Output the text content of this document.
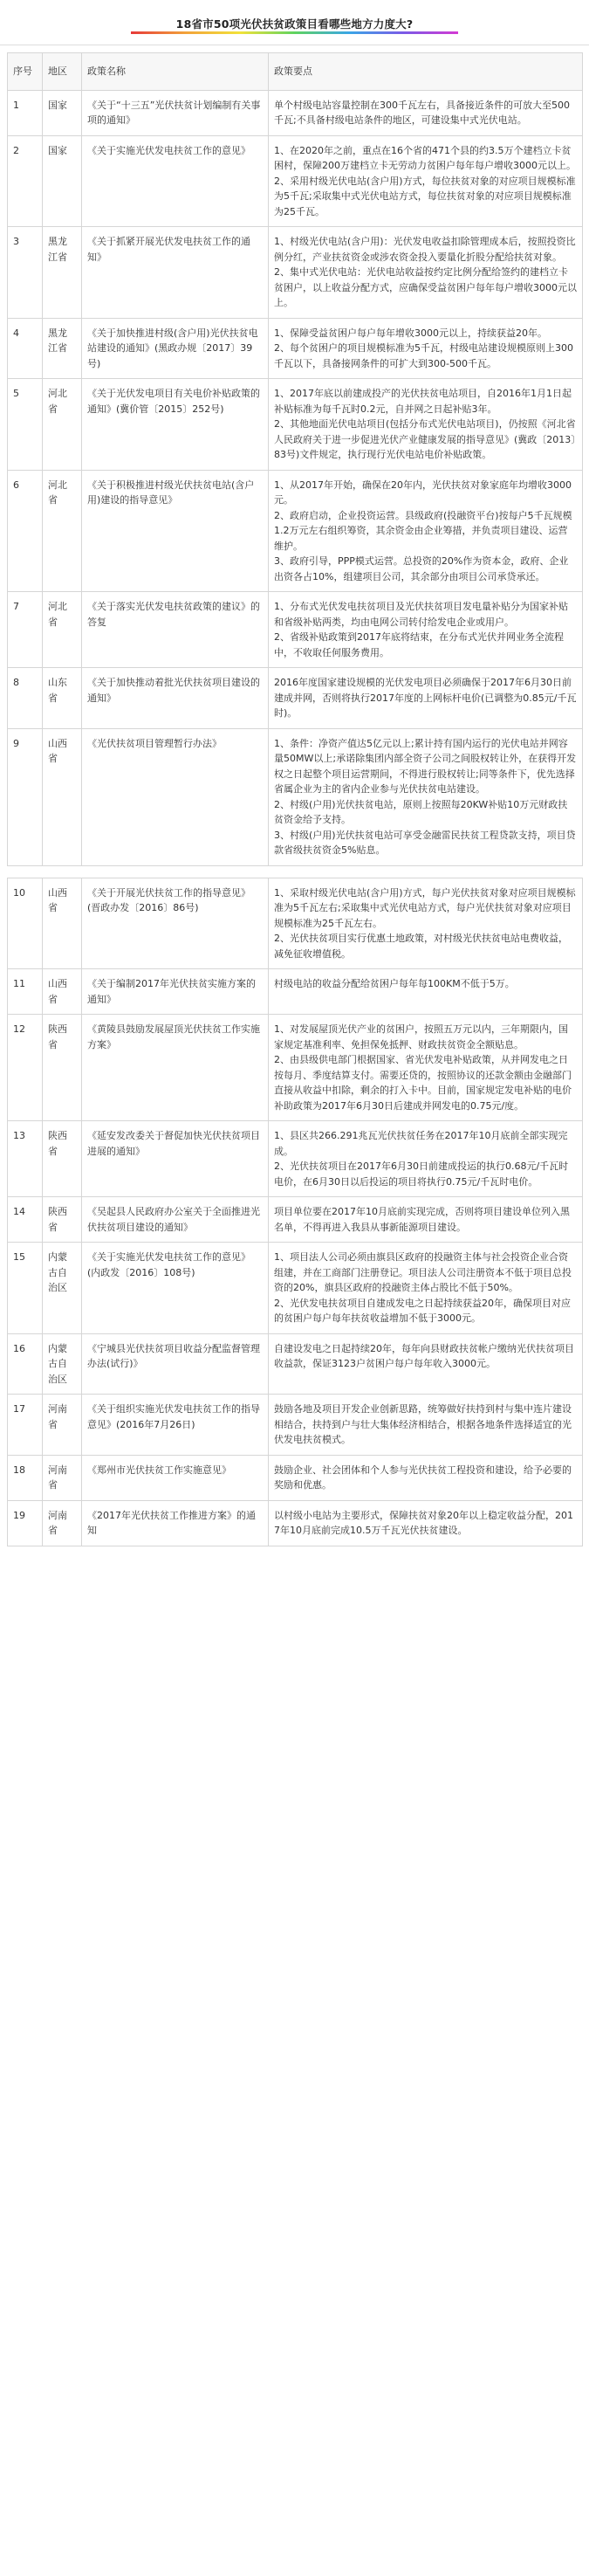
18省市50项光伏扶贫政策目看哪些地方力度大?
序号	地区	政策名称	政策要点
1	国家	《关于“十三五”光伏扶贫计划编制有关事项的通知》	单个村级电站容量控制在300千瓦左右，具备接近条件的可放大至500千瓦;不具备村级电站条件的地区，可建设集中式光伏电站。
2	国家	《关于实施光伏发电扶贫工作的意见》	1、在2020年之前，重点在16个省的471个县的约3.5万个建档立卡贫困村，保障200万建档立卡无劳动力贫困户每年每户增收3000元以上。
2、采用村级光伏电站(含户用)方式，每位扶贫对象的对应项目规模标准为5千瓦;采取集中式光伏电站方式，每位扶贫对象的对应项目规模标准为25千瓦。
3	黑龙江省	《关于抓紧开展光伏发电扶贫工作的通知》	1、村级光伏电站(含户用)：光伏发电收益扣除管理成本后，按照投资比例分红，产业扶贫资金或涉农资金投入要量化折股分配给扶贫对象。
2、集中式光伏电站：光伏电站收益按约定比例分配给签约的建档立卡贫困户，以上收益分配方式，应确保受益贫困户每年每户增收3000元以上。
4	黑龙江省	《关于加快推进村级(含户用)光伏扶贫电站建设的通知》(黑政办规〔2017〕39号)	1、保障受益贫困户每户每年增收3000元以上，持续获益20年。
2、每个贫困户的项目规模标准为5千瓦，村级电站建设规模原则上300千瓦以下，具备接网条件的可扩大到300-500千瓦。
5	河北省	《关于光伏发电项目有关电价补贴政策的通知》(冀价管〔2015〕252号)	1、2017年底以前建成投产的光伏扶贫电站项目，自2016年1月1日起补贴标准为每千瓦时0.2元，自并网之日起补贴3年。
2、其他地面光伏电站项目(包括分布式光伏电站项目)，仍按照《河北省人民政府关于进一步促进光伏产业健康发展的指导意见》(冀政〔2013〕83号)文件规定，执行现行光伏电站电价补贴政策。
6	河北省	《关于积极推进村级光伏扶贫电站(含户用)建设的指导意见》	1、从2017年开始，确保在20年内，光伏扶贫对象家庭年均增收3000元。
2、政府启动，企业投资运营。县级政府(投融资平台)按每户5千瓦规模1.2万元左右组织筹资，其余资金由企业筹措，并负责项目建设、运营维护。
3、政府引导，PPP模式运营。总投资的20%作为资本金，政府、企业出资各占10%，组建项目公司，其余部分由项目公司承贷承还。
7	河北省	《关于落实光伏发电扶贫政策的建议》的答复	1、分布式光伏发电扶贫项目及光伏扶贫项目发电量补贴分为国家补贴和省级补贴两类，均由电网公司转付给发电企业或用户。
2、省级补贴政策到2017年底将结束，在分布式光伏并网业务全流程中，不收取任何服务费用。
8	山东省	《关于加快推动着批光伏扶贫项目建设的通知》	2016年度国家建设规模的光伏发电项目必须确保于2017年6月30日前建成并网，否则将执行2017年度的上网标杆电价(已调整为0.85元/千瓦时)。
9	山西省	《光伏扶贫项目管理暂行办法》	1、条件：净资产值达5亿元以上;累计持有国内运行的光伏电站并网容量50MW以上;承诺除集团内部全资子公司之间股权转让外，在获得开发权之日起整个项目运营期间，不得进行股权转让;同等条件下，优先选择省属企业为主的省内企业参与光伏扶贫电站建设。
2、村级(户用)光伏扶贫电站，原则上按照每20KW补贴10万元财政扶贫资金给予支持。
3、村级(户用)光伏扶贫电站可享受金融雷民扶贫工程贷款支持，项目贷款省级扶贫资金5%贴息。

10	山西省	《关于开展光伏扶贫工作的指导意见》(晋政办发〔2016〕86号)	1、采取村级光伏电站(含户用)方式，每户光伏扶贫对象对应项目规模标准为5千瓦左右;采取集中式光伏电站方式，每户光伏扶贫对象对应项目规模标准为25千瓦左右。
2、光伏扶贫项目实行优惠土地政策，对村级光伏扶贫电站电费收益，减免征收增值税。
11	山西省	《关于编制2017年光伏扶贫实施方案的通知》	村级电站的收益分配给贫困户每年每100KM不低于5万。
12	陕西省	《黄陵县鼓励发展屋顶光伏扶贫工作实施方案》	1、对发展屋顶光伏产业的贫困户，按照五万元以内，三年期限内，国家规定基准利率、免担保免抵押、财政扶贫资金全额贴息。
2、由县级供电部门根据国家、省光伏发电补贴政策，从并网发电之日按每月、季度结算支付。需要还贷的，按照协议的还款金额由金融部门直接从收益中扣除，剩余的打入卡中。目前，国家规定发电补贴的电价补助政策为2017年6月30日后建成并网发电的0.75元/度。
13	陕西省	《延安发改委关于督促加快光伏扶贫项目进展的通知》	1、县区共266.291兆瓦光伏扶贫任务在2017年10月底前全部实现完成。
2、光伏扶贫项目在2017年6月30日前建成投运的执行0.68元/千瓦时电价，在6月30日以后投运的项目将执行0.75元/千瓦时电价。
14	陕西省	《吴起县人民政府办公室关于全面推进光伏扶贫项目建设的通知》	项目单位要在2017年10月底前实现完成，否则将项目建设单位列入黑名单，不得再进入我县从事新能源项目建设。
15	内蒙古自治区	《关于实施光伏发电扶贫工作的意见》(内政发〔2016〕108号)	1、项目法人公司必须由旗县区政府的投融资主体与社会投资企业合资组建，并在工商部门注册登记。项目法人公司注册资本不低于项目总投资的20%，旗县区政府的投融资主体占股比不低于50%。
2、光伏发电扶贫项目自建成发电之日起持续获益20年，确保项目对应的贫困户每户每年扶贫收益增加不低于3000元。
16	内蒙古自治区	《宁城县光伏扶贫项目收益分配监督管理办法(试行)》	自建设发电之日起持续20年，每年向县财政扶贫帐户缴纳光伏扶贫项目收益款，保证3123户贫困户每户每年收入3000元。
17	河南省	《关于组织实施光伏发电扶贫工作的指导意见》(2016年7月26日)	鼓励各地及项目开发企业创新思路，统筹做好扶持到村与集中连片建设相结合，扶持到户与壮大集体经济相结合，根据各地条件选择适宜的光伏发电扶贫模式。
18	河南省	《郑州市光伏扶贫工作实施意见》	鼓励企业、社会团体和个人参与光伏扶贫工程投资和建设，给予必要的奖励和优惠。
19	河南省	《2017年光伏扶贫工作推进方案》的通知	以村级小电站为主要形式，保障扶贫对象20年以上稳定收益分配，2017年10月底前完成10.5万千瓦光伏扶贫建设。
